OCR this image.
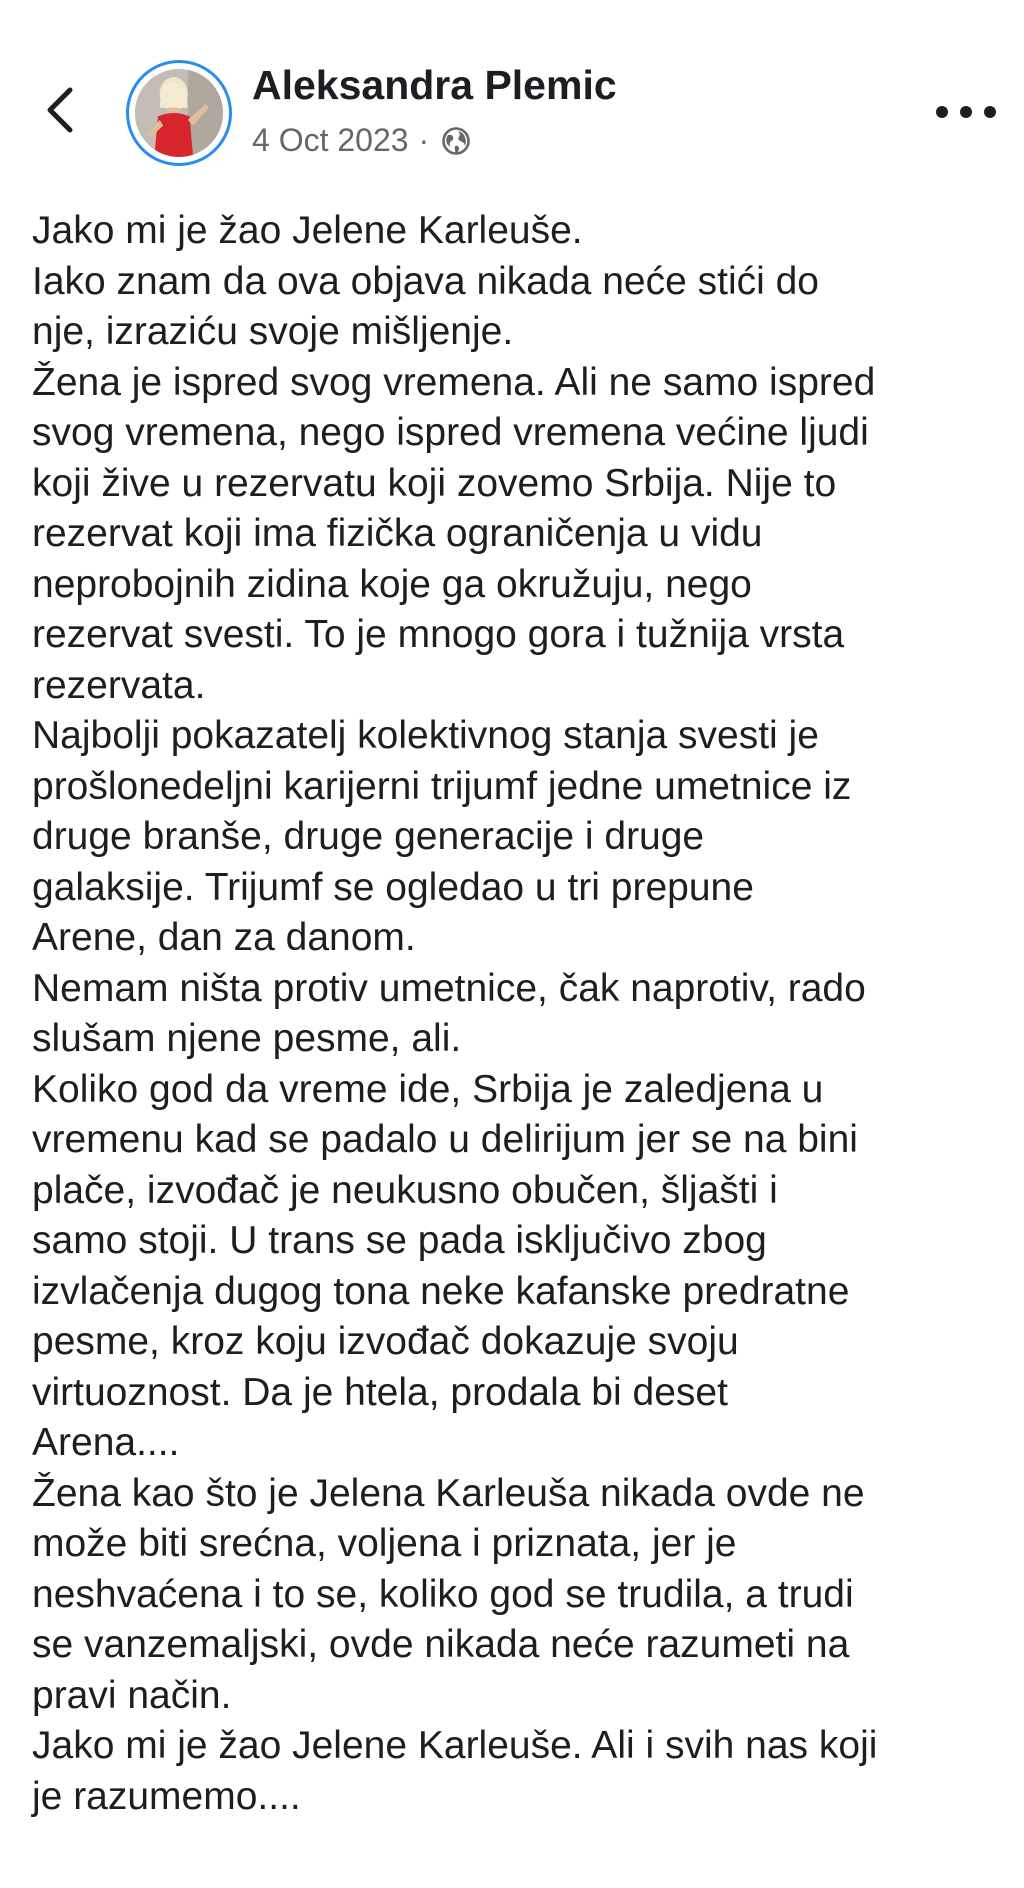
Aleksandra Plemic
4 Oct 2023 ·
Jako mi je žao Jelene Karleuše.
Iako znam da ova objava nikada neće stići do
nje, izraziću svoje mišljenje.
Žena je ispred svog vremena. Ali ne samo ispred
svog vremena, nego ispred vremena većine ljudi
koji žive u rezervatu koji zovemo Srbija. Nije to
rezervat koji ima fizička ograničenja u vidu
neprobojnih zidina koje ga okružuju, nego
rezervat svesti. To je mnogo gora i tužnija vrsta
rezervata.
Najbolji pokazatelj kolektivnog stanja svesti je
prošlonedeljni karijerni trijumf jedne umetnice iz
druge branše, druge generacije i druge
galaksije. Trijumf se ogledao u tri prepune
Arene, dan za danom.
Nemam ništa protiv umetnice, čak naprotiv, rado
slušam njene pesme, ali.
Koliko god da vreme ide, Srbija je zaledjena u
vremenu kad se padalo u delirijum jer se na bini
plače, izvođač je neukusno obučen, šljašti i
samo stoji. U trans se pada isključivo zbog
izvlačenja dugog tona neke kafanske predratne
pesme, kroz koju izvođač dokazuje svoju
virtuoznost. Da je htela, prodala bi deset
Arena....
Žena kao što je Jelena Karleuša nikada ovde ne
može biti srećna, voljena i priznata, jer je
neshvaćena i to se, koliko god se trudila, a trudi
se vanzemaljski, ovde nikada neće razumeti na
pravi način.
Jako mi je žao Jelene Karleuše. Ali i svih nas koji
je razumemo....
